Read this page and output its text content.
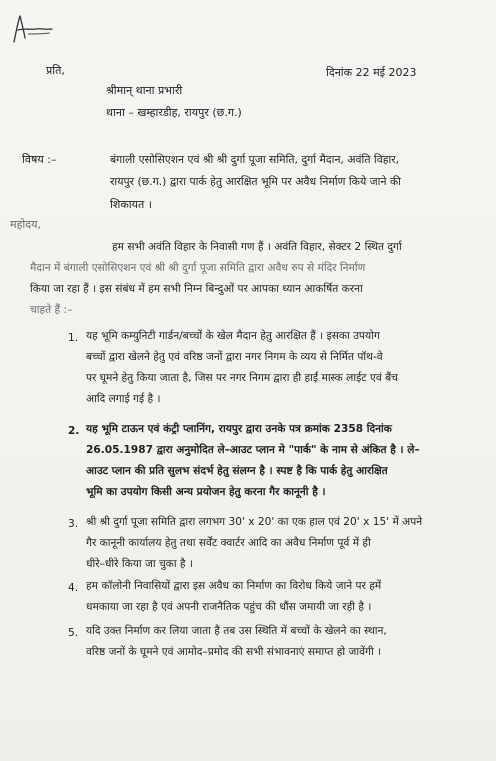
प्रति,	दिनांक 22 मई 2023
श्रीमान् थाना प्रभारी
थाना – खम्हारडीह, रायपुर (छ.ग.)
विषय :–	बंगाली एसोसिएशन एवं श्री श्री दुर्गा पूजा समिति, दुर्गा मैदान, अवंति विहार,
रायपुर (छ.ग.) द्वारा पार्क हेतु आरक्षित भूमि पर अवैध निर्माण किये जाने की
शिकायत ।
महोदय,
हम सभी अवंति विहार के निवासी गण हैं । अवंति विहार, सेक्टर 2 स्थित दुर्गा
मैदान में बंगाली एसोसिएशन एवं श्री श्री दुर्गा पूजा समिति द्वारा अवैध रुप से मंदिर निर्माण
किया जा रहा हैं । इस संबंध में हम सभी निम्न बिन्दुओं पर आपका ध्यान आकर्षित करना
चाहते हैं :–
1. यह भूमि कम्युनिटी गार्डन/बच्चों के खेल मैदान हेतु आरक्षित हैं । इसका उपयोग
बच्चों द्वारा खेलने हेतु एवं वरिष्ठ जनों द्वारा नगर निगम के व्यय से निर्मित पॉथ-वे
पर घूमने हेतु किया जाता है, जिस पर नगर निगम द्वारा ही हाईं मास्क लाईट एवं बैंच
आदि लगाई गई है ।
2. यह भूमि टाऊन एवं कंट्री प्लानिंग, रायपुर द्वारा उनके पत्र क्रमांक 2358 दिनांक
26.05.1987 द्वारा अनुमोदित ले–आउट प्लान मे "पार्क" के नाम से अंकित है । ले–
आउट प्लान की प्रति सुलभ संदर्भ हेतु संलग्न है । स्पष्ट है कि पार्क हेतु आरक्षित
भूमि का उपयोग किसी अन्य प्रयोजन हेतु करना गैर कानूनी है ।
3. श्री श्री दुर्गा पूजा समिति द्वारा लगभग 30' x 20' का एक हाल एवं 20' x 15' में अपने
गैर कानूनी कार्यालय हेतु तथा सर्वेंट क्वार्टर आदि का अवैध निर्माण पूर्व में ही
धीरे–धीरे किया जा चुका है ।
4. हम कॉलोनी निवासियों द्वारा इस अवैध का निर्माण का विरोध किये जाने पर हमें
धमकाया जा रहा है एवं अपनी राजनैतिक पहुंच की धौंस जमायी जा रही है ।
5. यदि उक्त निर्माण कर लिया जाता है तब उस स्थिति में बच्चों के खेलने का स्थान,
वरिष्ठ जनों के घूमने एवं आमोद–प्रमोद की सभी संभावनाएं समाप्त हो जावेंगी ।
